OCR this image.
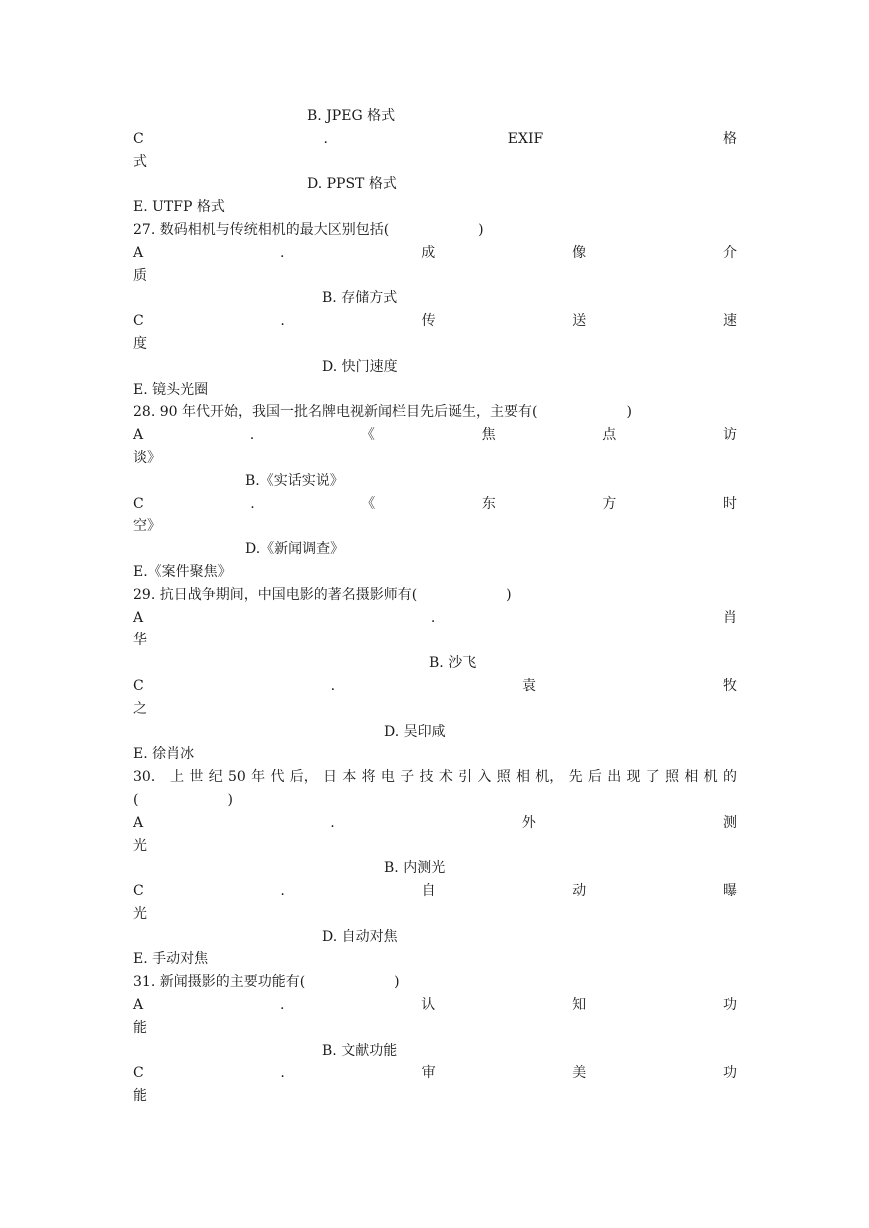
B. JPEG 格式
C	.	EXIF	格
式
D. PPST 格式
E. UTFP 格式
27. 数码相机与传统相机的最大区别包括(                    )
A	.	成	像	介
质
B. 存储方式
C	.	传	送	速
度
D. 快门速度
E. 镜头光圈
28. 90 年代开始，我国一批名牌电视新闻栏目先后诞生，主要有(                    )
A	.	《	焦	点	访
谈》
B.《实话实说》
C	.	《	东	方	时
空》
D.《新闻调查》
E.《案件聚焦》
29. 抗日战争期间，中国电影的著名摄影师有(                    )
A	.	肖
华
B. 沙飞
C	.	袁	牧
之
D. 吴印咸
E. 徐肖冰
30． 上 世 纪 50 年 代 后， 日 本 将 电 子 技 术 引 入 照 相 机， 先 后 出 现 了 照 相 机 的
(                    )
A	.	外	测
光
B. 内测光
C	.	自	动	曝
光
D. 自动对焦
E. 手动对焦
31. 新闻摄影的主要功能有(                    )
A	.	认	知	功
能
B. 文献功能
C	.	审	美	功
能
